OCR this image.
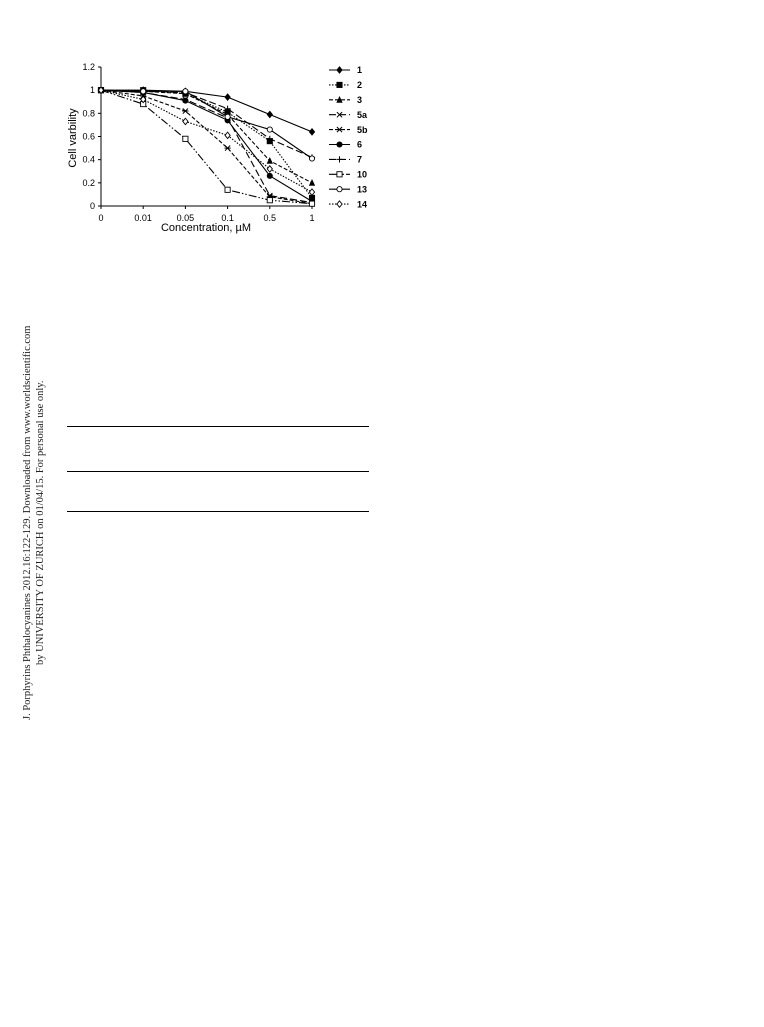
0
0.2
0.4
0.6
0.8
1
1.2
0	0.01	0.05	0.1	0.5	1
1
2
3
5a
5b
6
7
10
13
14
Concentration, µM
Cell varbility
J. Porphyrins Phthalocyanines 2012.16:122-129. Downloaded from www.worldscientific.com by UNIVERSITY OF ZURICH on 01/04/15. For personal use only.
